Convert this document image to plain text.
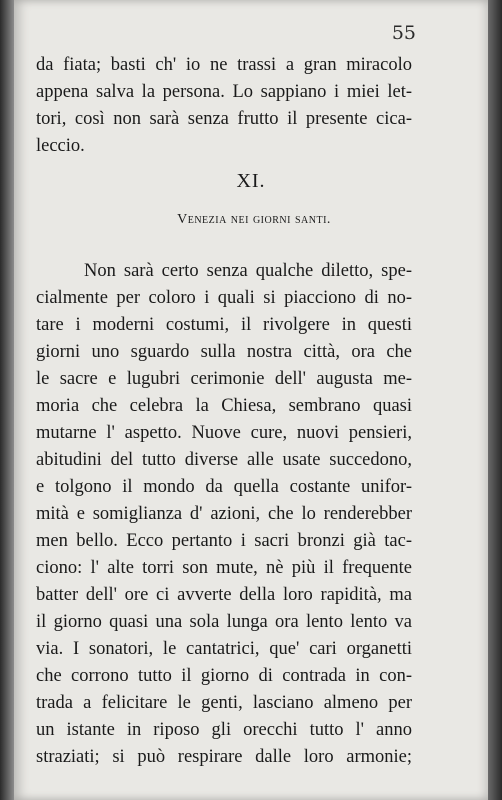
55
da fiata; basti ch' io ne trassi a gran miracolo
appena salva la persona. Lo sappiano i miei let-
tori, così non sarà senza frutto il presente cica-
leccio.
XI.
Venezia nei giorni santi.
Non sarà certo senza qualche diletto, spe-
cialmente per coloro i quali si piacciono di no-
tare i moderni costumi, il rivolgere in questi
giorni uno sguardo sulla nostra città, ora che
le sacre e lugubri cerimonie dell' augusta me-
moria che celebra la Chiesa, sembrano quasi
mutarne l' aspetto. Nuove cure, nuovi pensieri,
abitudini del tutto diverse alle usate succedono,
e tolgono il mondo da quella costante unifor-
mità e somiglianza d' azioni, che lo renderebber
men bello. Ecco pertanto i sacri bronzi già tac-
ciono: l' alte torri son mute, nè più il frequente
batter dell' ore ci avverte della loro rapidità, ma
il giorno quasi una sola lunga ora lento lento va
via. I sonatori, le cantatrici, que' cari organetti
che corrono tutto il giorno di contrada in con-
trada a felicitare le genti, lasciano almeno per
un istante in riposo gli orecchi tutto l' anno
straziati; si può respirare dalle loro armonie;
